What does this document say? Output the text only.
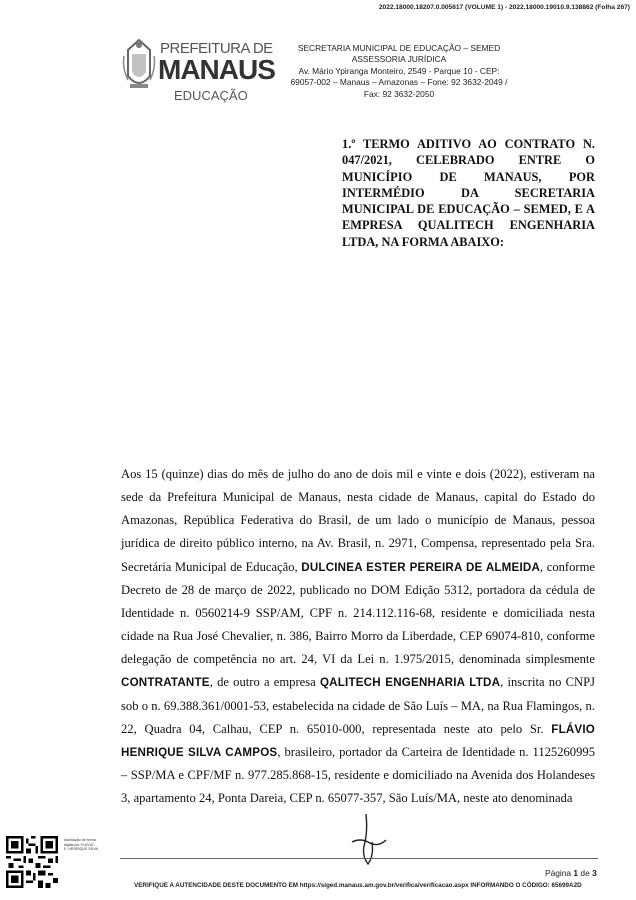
2022.18000.18207.0.005617 (VOLUME 1) - 2022.18000.19010.9.138862 (Folha 267)
PREFEITURA DE
MANAUS
EDUCAÇÃO
SECRETARIA MUNICIPAL DE EDUCAÇÃO – SEMED
ASSESSORIA JURÍDICA
Av. Mário Ypiranga Monteiro, 2549 - Parque 10 - CEP:
69057-002 – Manaus – Amazonas – Fone: 92 3632-2049 /
Fax: 92 3632-2050
1.º TERMO ADITIVO AO CONTRATO N. 047/2021, CELEBRADO ENTRE O MUNICÍPIO DE MANAUS, POR INTERMÉDIO DA SECRETARIA MUNICIPAL DE EDUCAÇÃO – SEMED, E A EMPRESA QUALITECH ENGENHARIA LTDA, NA FORMA ABAIXO:
Aos 15 (quinze) dias do mês de julho do ano de dois mil e vinte e dois (2022), estiveram na sede da Prefeitura Municipal de Manaus, nesta cidade de Manaus, capital do Estado do Amazonas, República Federativa do Brasil, de um lado o município de Manaus, pessoa jurídica de direito público interno, na Av. Brasil, n. 2971, Compensa, representado pela Sra. Secretária Municipal de Educação, DULCINEA ESTER PEREIRA DE ALMEIDA, conforme Decreto de 28 de março de 2022, publicado no DOM Edição 5312, portadora da cédula de Identidade n. 0560214-9 SSP/AM, CPF n. 214.112.116-68, residente e domiciliada nesta cidade na Rua José Chevalier, n. 386, Bairro Morro da Liberdade, CEP 69074-810, conforme delegação de competência no art. 24, VI da Lei n. 1.975/2015, denominada simplesmente CONTRATANTE, de outro a empresa QALITECH ENGENHARIA LTDA, inscrita no CNPJ sob o n. 69.388.361/0001-53, estabelecida na cidade de São Luís – MA, na Rua Flamingos, n. 22, Quadra 04, Calhau, CEP n. 65010-000, representada neste ato pelo Sr. FLÁVIO HENRIQUE SILVA CAMPOS, brasileiro, portador da Carteira de Identidade n. 1125260995 – SSP/MA e CPF/MF n. 977.285.868-15, residente e domiciliado na Avenida dos Holandeses 3, apartamento 24, Ponta Dareia, CEP n. 65077-357, São Luís/MA, neste ato denominada
Assinação de forma
digital por FLÁVIO
E. HENRIQUE SILVA
Página 1 de 3
VERIFIQUE A AUTENCIDADE DESTE DOCUMENTO EM https://siged.manaus.am.gov.br/verifica/verificacao.aspx INFORMANDO O CÓDIGO: 65699A2D
